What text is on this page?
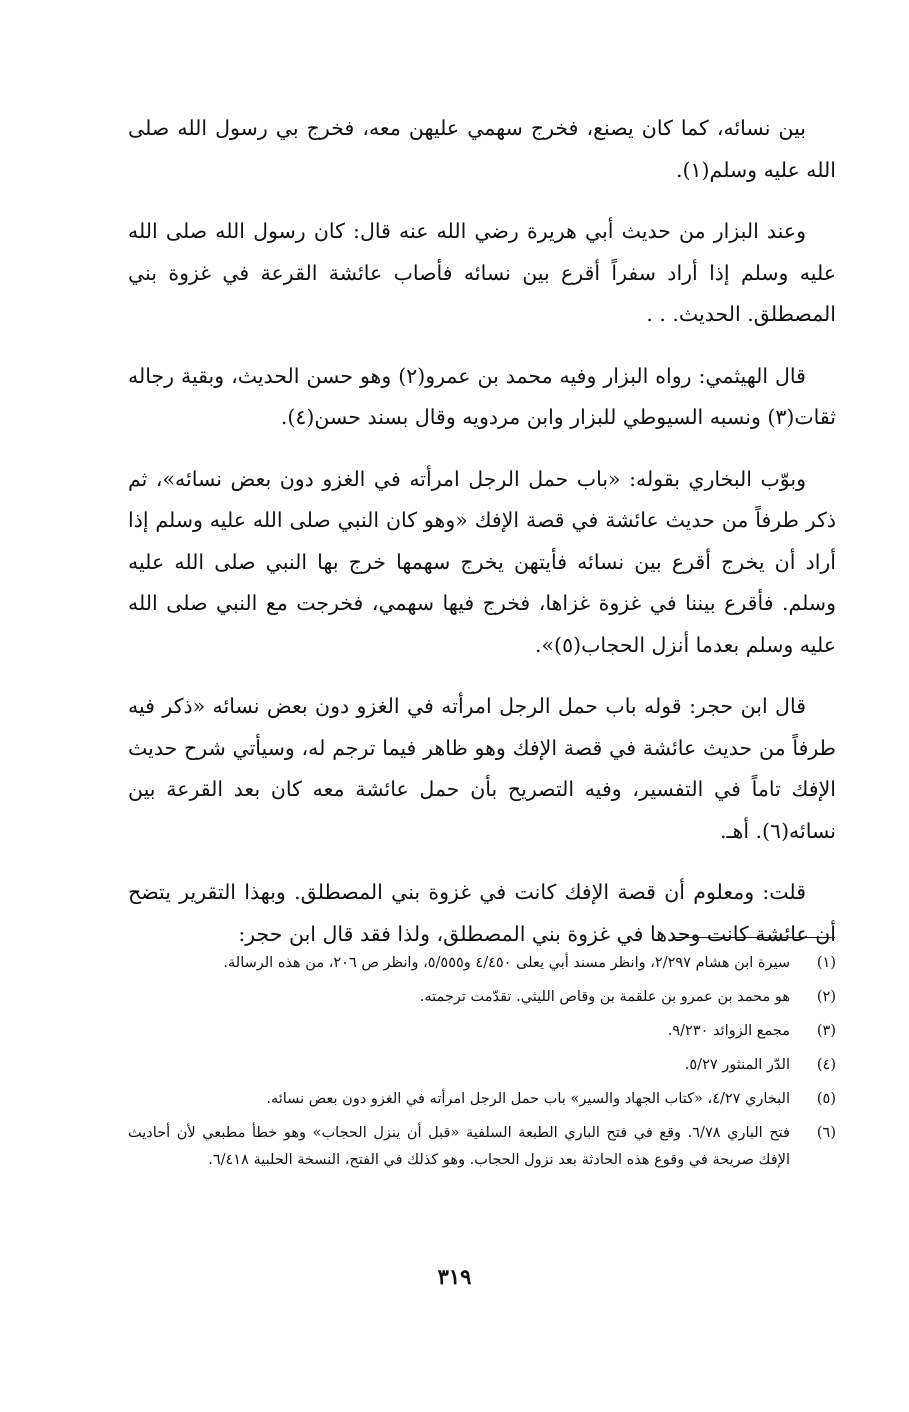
بين نسائه، كما كان يصنع، فخرج سهمي عليهن معه، فخرج بي رسول الله صلى الله عليه وسلم(١).

وعند البزار من حديث أبي هريرة رضي الله عنه قال: كان رسول الله صلى الله عليه وسلم إذا أراد سفراً أقرع بين نسائه فأصاب عائشة القرعة في غزوة بني المصطلق. الحديث. . .

قال الهيثمي: رواه البزار وفيه محمد بن عمرو(٢) وهو حسن الحديث، وبقية رجاله ثقات(٣) ونسبه السيوطي للبزار وابن مردويه وقال بسند حسن(٤).

وبوّب البخاري بقوله: «باب حمل الرجل امرأته في الغزو دون بعض نسائه»، ثم ذكر طرفاً من حديث عائشة في قصة الإفك «وهو كان النبي صلى الله عليه وسلم إذا أراد أن يخرج أقرع بين نسائه فأيتهن يخرج سهمها خرج بها النبي صلى الله عليه وسلم. فأقرع بيننا في غزوة غزاها، فخرج فيها سهمي، فخرجت مع النبي صلى الله عليه وسلم بعدما أنزل الحجاب(٥)».

قال ابن حجر: قوله باب حمل الرجل امرأته في الغزو دون بعض نسائه «ذكر فيه طرفاً من حديث عائشة في قصة الإفك وهو ظاهر فيما ترجم له، وسيأتي شرح حديث الإفك تاماً في التفسير، وفيه التصريح بأن حمل عائشة معه كان بعد القرعة بين نسائه(٦). أهـ.

قلت: ومعلوم أن قصة الإفك كانت في غزوة بني المصطلق. وبهذا التقرير يتضح أن عائشة كانت وحدها في غزوة بني المصطلق، ولذا فقد قال ابن حجر:

(١)
سيرة ابن هشام ٢/٢٩٧، وانظر مسند أبي يعلى ٤/٤٥٠ و٥/٥٥٥، وانظر ص ٢٠٦، من هذه الرسالة.
(٢)
هو محمد بن عمرو بن علقمة بن وقاص الليثي. تقدّمت ترجمته.
(٣)
مجمع الزوائد ٩/٢٣٠.
(٤)
الدّر المنثور ٥/٢٧.
(٥)
البخاري ٤/٢٧، «كتاب الجهاد والسير» باب حمل الرجل امرأته في الغزو دون بعض نسائه.
(٦)
فتح الباري ٦/٧٨. وقع في فتح الباري الطبعة السلفية «قبل أن ينزل الحجاب» وهو خطأ مطبعي لأن أحاديث الإفك صريحة في وقوع هذه الحادثة بعد نزول الحجاب. وهو كذلك في الفتح، النسخة الحلبية ٦/٤١٨.
٣١٩
